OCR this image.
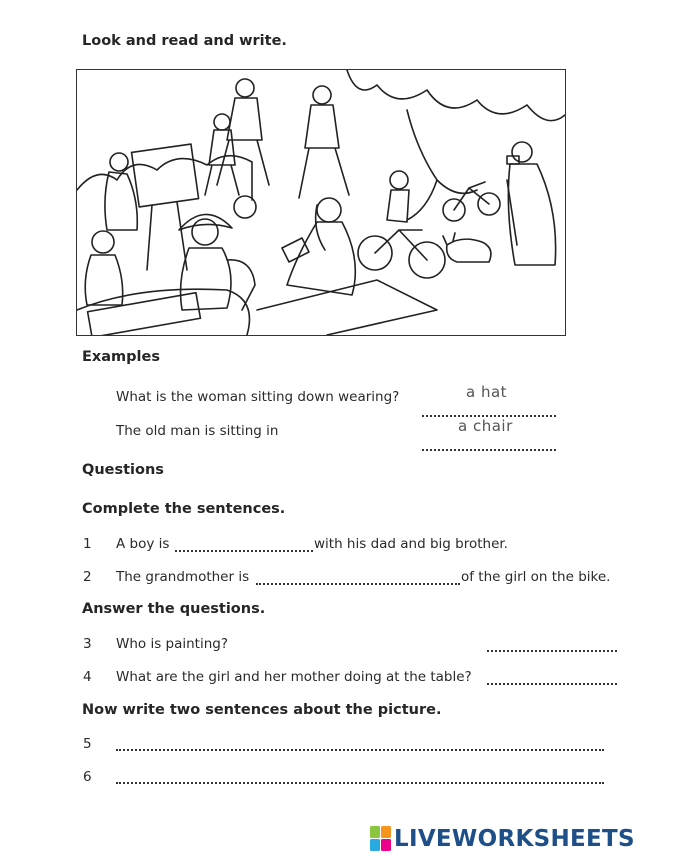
Look and read and write.
Examples
What is the woman sitting down wearing?	a hat
The old man is sitting in	a chair
Questions
Complete the sentences.
1 A boy is	with his dad and big brother.
2 The grandmother is	of the girl on the bike.
Answer the questions.
3 Who is painting?
4 What are the girl and her mother doing at the table?
Now write two sentences about the picture.
5
6
LIVEWORKSHEETS
